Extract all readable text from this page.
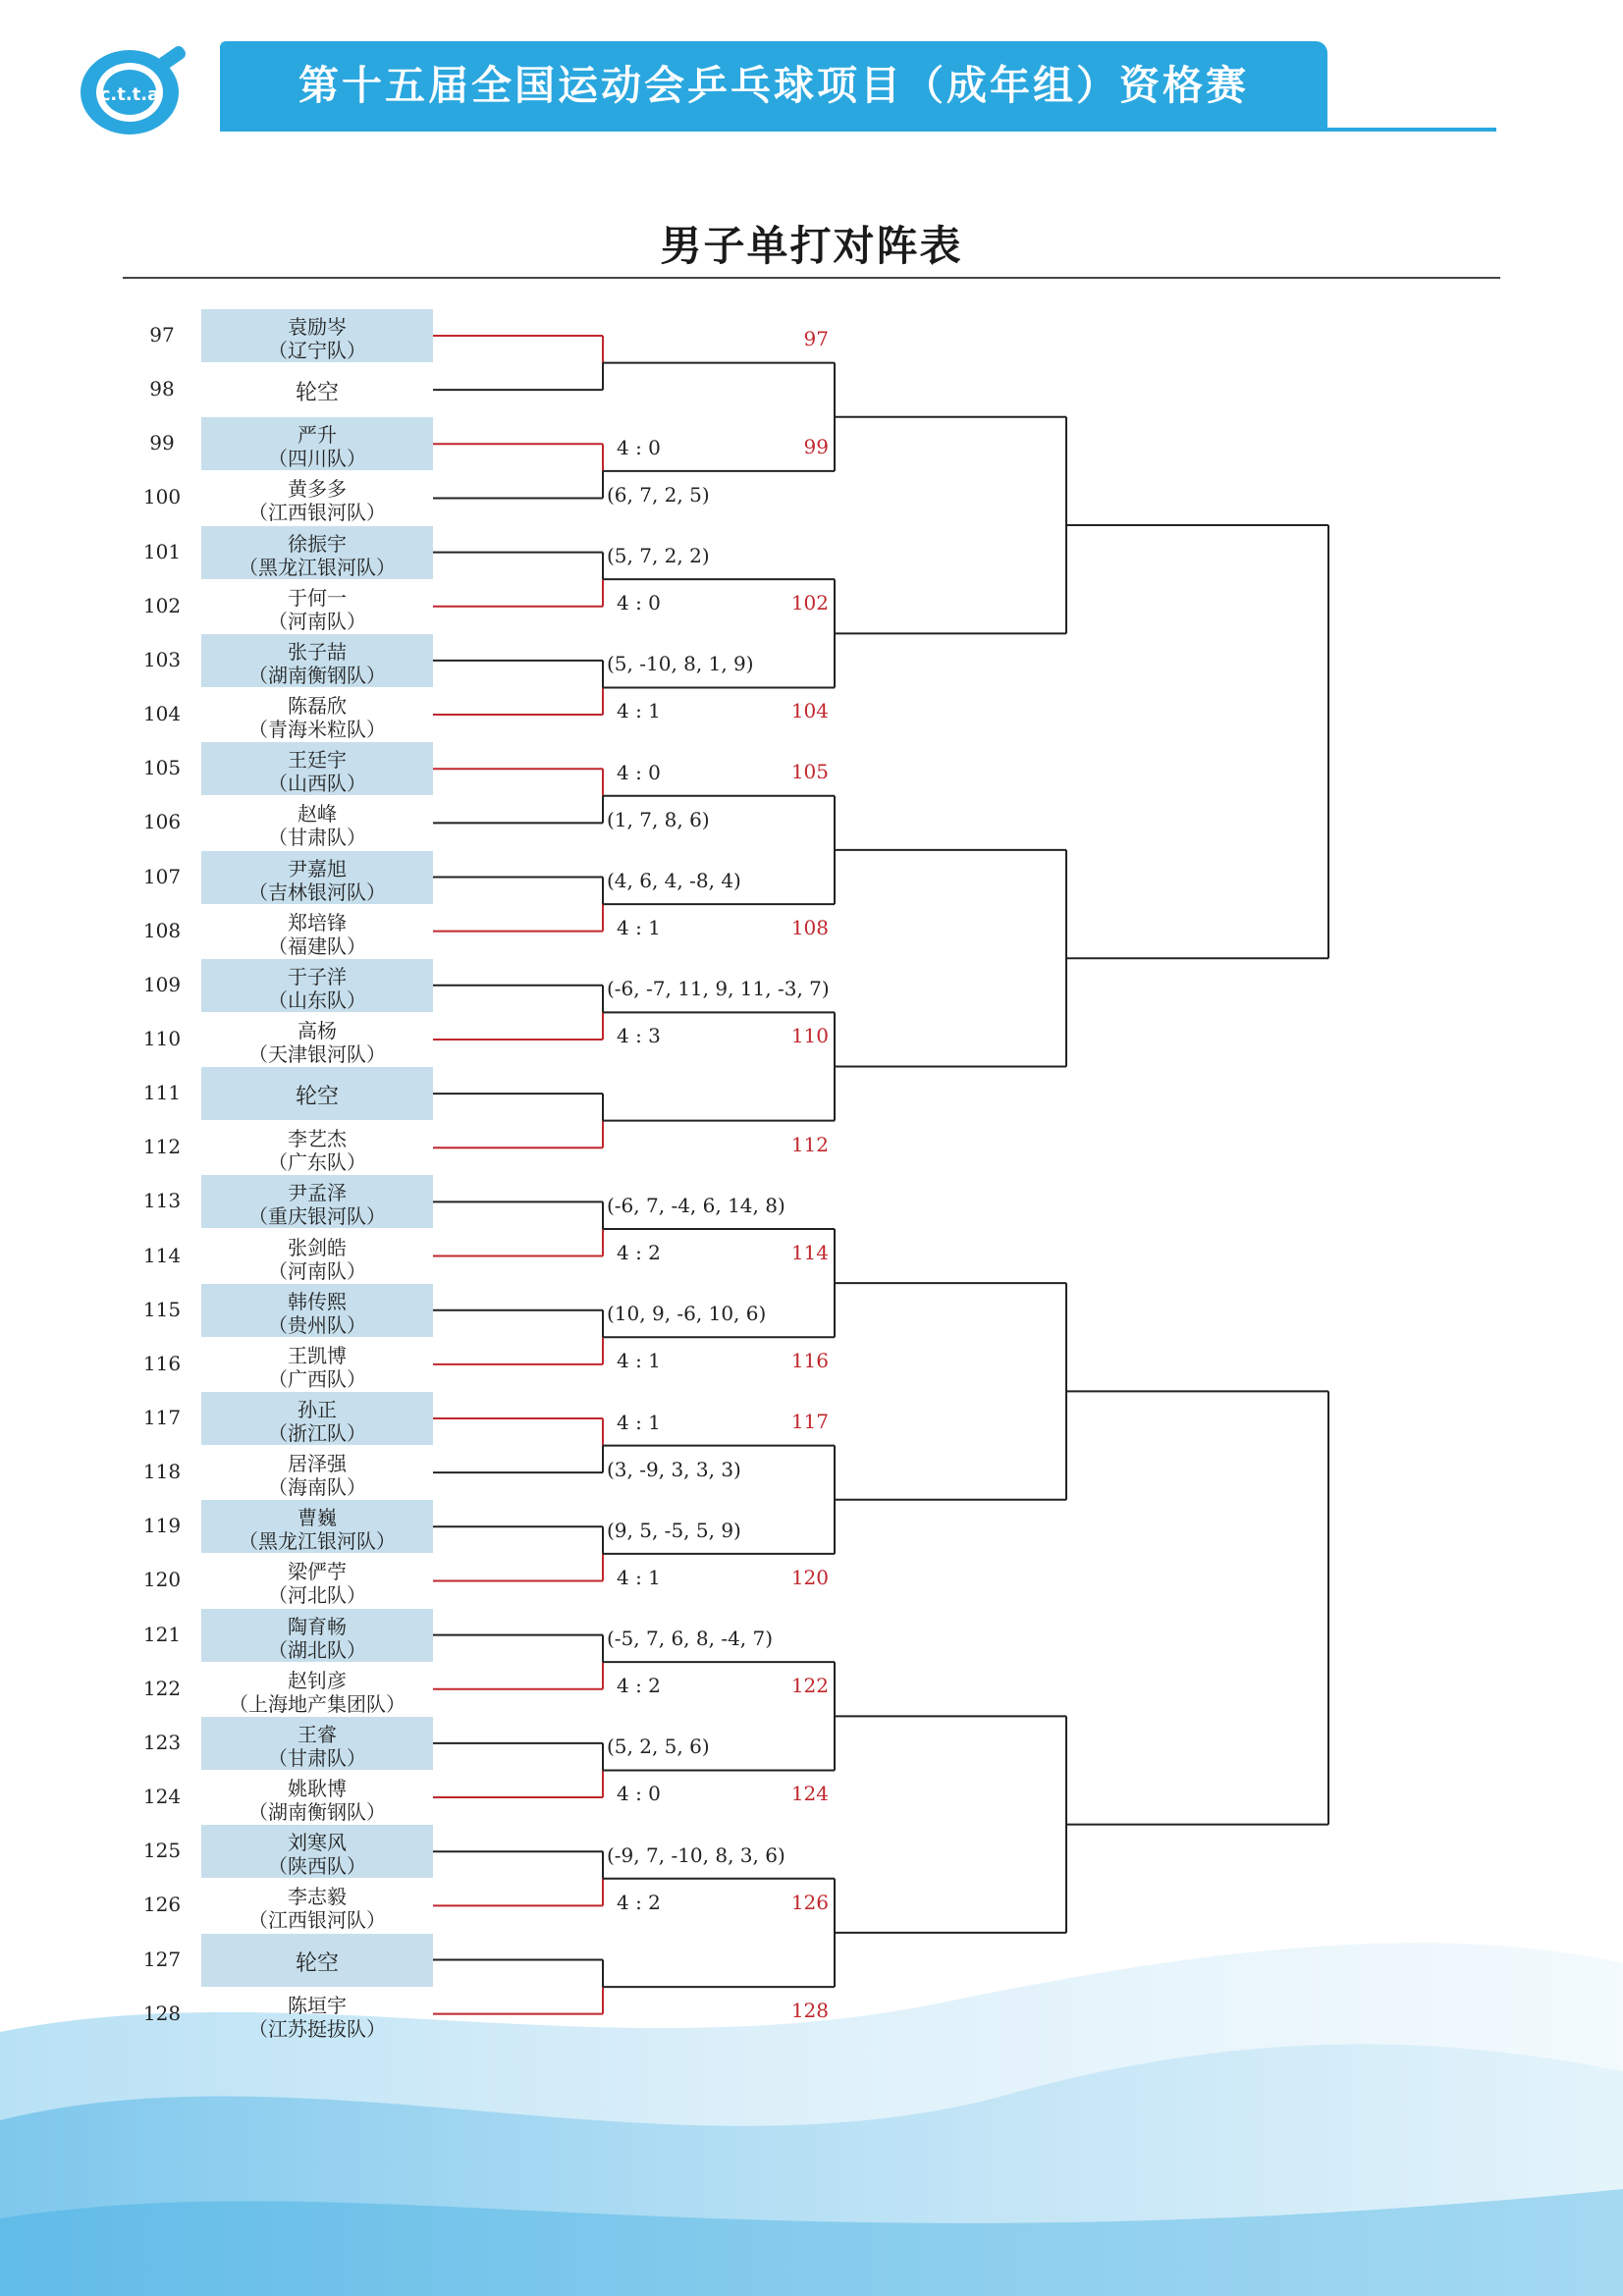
c.t.t.a	第十五届全国运动会乒乓球项目（成年组）资格赛
男子单打对阵表
97	袁励岑
（辽宁队）
98	轮空
99	严升
（四川队）
100	黄多多
（江西银河队）
101	徐振宇
（黑龙江银河队）
102	于何一
（河南队）
103	张子喆
（湖南衡钢队）
104	陈磊欣
（青海米粒队）
105	王廷宇
（山西队）
106	赵峰
（甘肃队）
107	尹嘉旭
（吉林银河队）
108	郑培锋
（福建队）
109	于子洋
（山东队）
110	高杨
（天津银河队）
111	轮空
112	李艺杰
（广东队）
113	尹孟泽
（重庆银河队）
114	张剑皓
（河南队）
115	韩传熙
（贵州队）
116	王凯博
（广西队）
117	孙正
（浙江队）
118	居泽强
（海南队）
119	曹巍
（黑龙江银河队）
120	梁俨苧
（河北队）
121	陶育畅
（湖北队）
122	赵钊彦
（上海地产集团队）
123	王睿
（甘肃队）
124	姚耿博
（湖南衡钢队）
125	刘寒风
（陕西队）
126	李志毅
（江西银河队）
127	轮空
128	陈垣宇
（江苏挺拔队）
97
99
4 : 0
(6, 7, 2, 5)
102
4 : 0
(5, 7, 2, 2)
104
4 : 1
(5, -10, 8, 1, 9)
105
4 : 0
(1, 7, 8, 6)
108
4 : 1
(4, 6, 4, -8, 4)
110
4 : 3
(-6, -7, 11, 9, 11, -3, 7)
112
114
4 : 2
(-6, 7, -4, 6, 14, 8)
116
4 : 1
(10, 9, -6, 10, 6)
117
4 : 1
(3, -9, 3, 3, 3)
120
4 : 1
(9, 5, -5, 5, 9)
122
4 : 2
(-5, 7, 6, 8, -4, 7)
124
4 : 0
(5, 2, 5, 6)
126
4 : 2
(-9, 7, -10, 8, 3, 6)
128
